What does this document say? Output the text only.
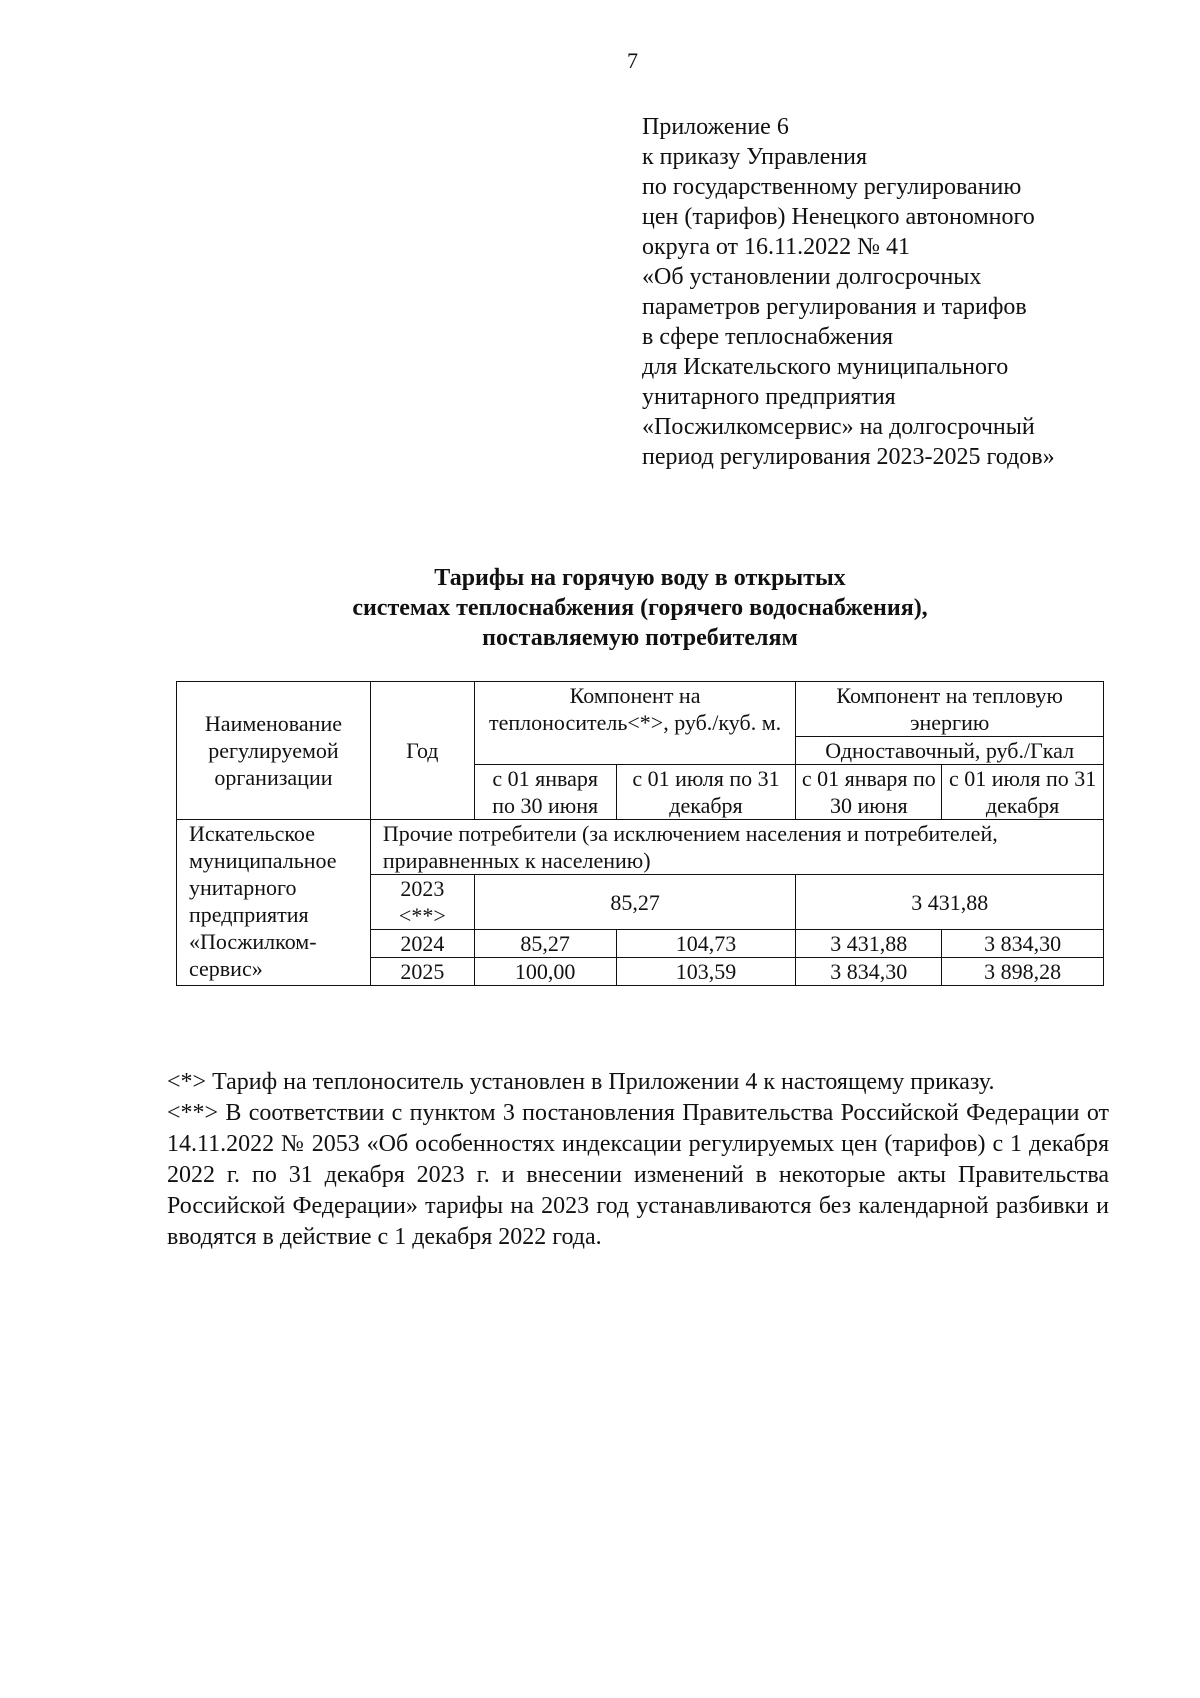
7
Приложение 6
к приказу Управления
по государственному регулированию
цен (тарифов) Ненецкого автономного
округа от 16.11.2022 № 41
«Об установлении долгосрочных
параметров регулирования и тарифов
в сфере теплоснабжения
для Искательского муниципального
унитарного предприятия
«Посжилкомсервис» на долгосрочный
период регулирования 2023-2025 годов»
Тарифы на горячую воду в открытых
системах теплоснабжения (горячего водоснабжения),
поставляемую потребителям
Наименование регулируемой организации	Год	Компонент на теплоноситель<*>, руб./куб. м.		Компонент на тепловую энергию	
				Одноставочный, руб./Гкал	
		с 01 января по 30 июня	с 01 июля по 31 декабря	с 01 января по 30 июня	с 01 июля по 31 декабря
Искательское муниципальное унитарного предприятия «Посжилком-сервис»	Прочие потребители (за исключением населения и потребителей, приравненных к населению)				
	2023 <**>	85,27		3 431,88	
	2024	85,27	104,73	3 431,88	3 834,30
	2025	100,00	103,59	3 834,30	3 898,28

<*> Тариф на теплоноситель установлен в Приложении 4 к настоящему приказу.

<**> В соответствии с пунктом 3 постановления Правительства Российской Федерации от 14.11.2022 № 2053 «Об особенностях индексации регулируемых цен (тарифов) с 1 декабря 2022 г. по 31 декабря 2023 г. и внесении изменений в некоторые акты Правительства Российской Федерации» тарифы на 2023 год устанавливаются без календарной разбивки и вводятся в действие с 1 декабря 2022 года.
